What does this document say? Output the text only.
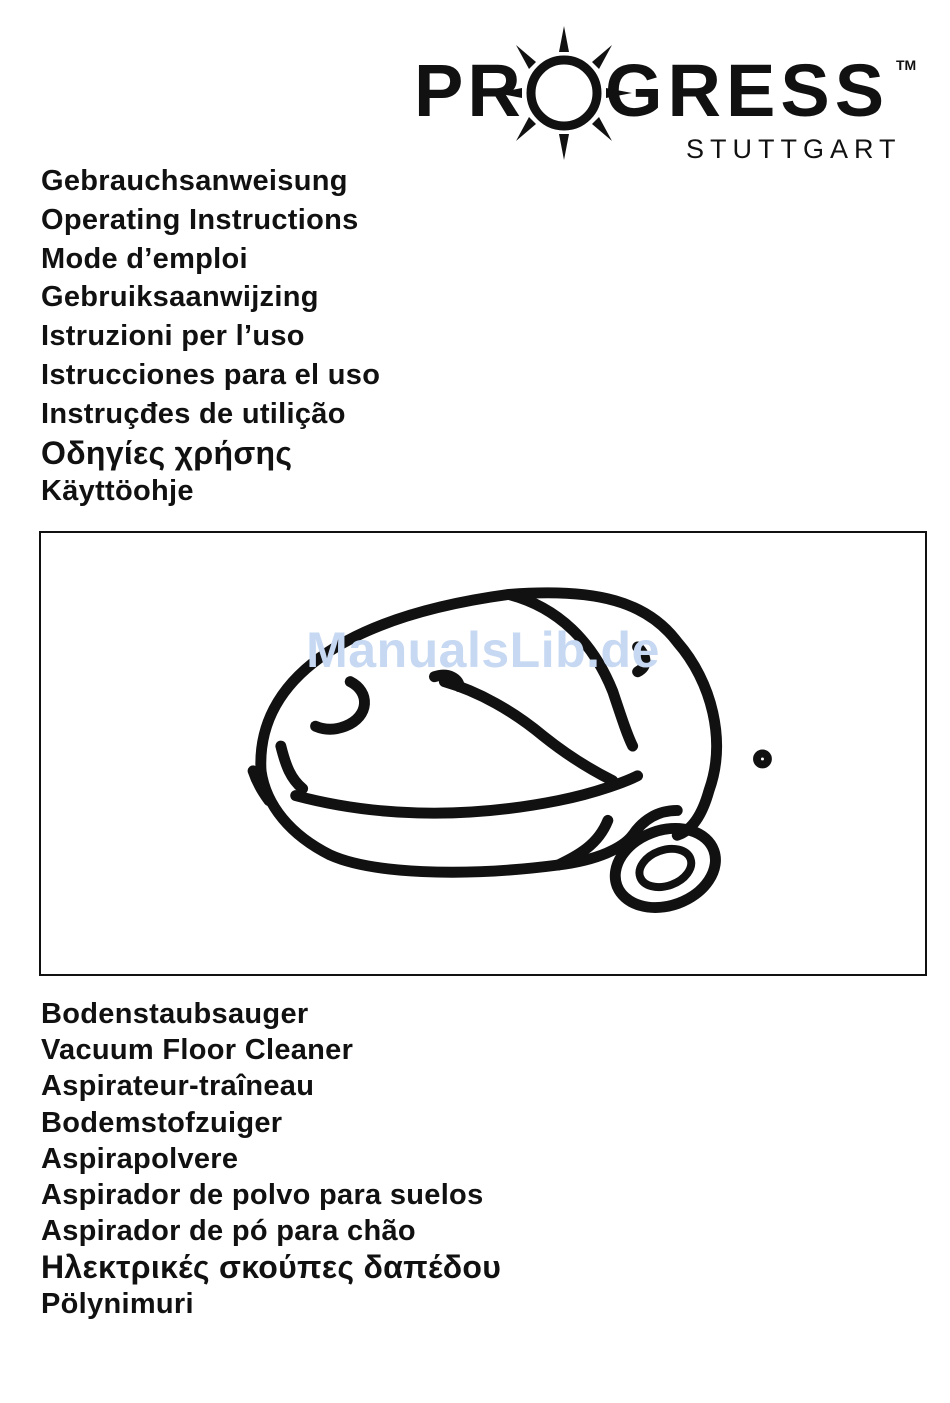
PR GRESS TM
STUTTGART
Gebrauchsanweisung
Operating Instructions
Mode d’emploi
Gebruiksaanwijzing
Istruzioni per l’uso
Istrucciones para el uso
Instruçđes de utilição
Οδηγίες χρήσης
Käyttöohje
ManualsLib.de
Bodenstaubsauger
Vacuum Floor Cleaner
Aspirateur-traîneau
Bodemstofzuiger
Aspirapolvere
Aspirador de polvo para suelos
Aspirador de pó para chão
Ηλεκτρικές σκούπες δαπέδου
Pölynimuri
